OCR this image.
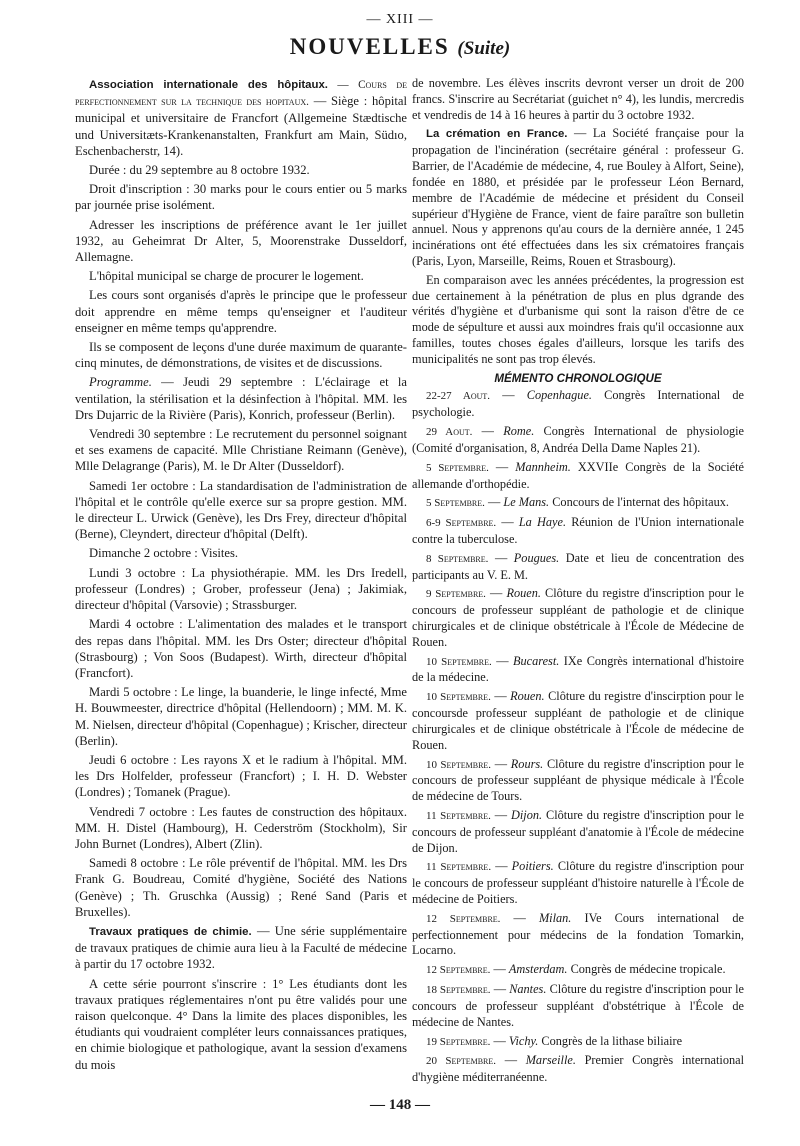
— XIII —
NOUVELLES (Suite)

Association internationale des hôpitaux. — Cours de perfectionnement sur la technique des hopitaux. — Siège : hôpital municipal et universitaire de Francfort (Allgemeine Stædtische und Universitæts-Krankenanstalten, Frankfurt am Main, Südıo, Eschenbacherstr, 14).

Durée : du 29 septembre au 8 octobre 1932.

Droit d'inscription : 30 marks pour le cours entier ou 5 marks par journée prise isolément.

Adresser les inscriptions de préférence avant le 1er juillet 1932, au Geheimrat Dr Alter, 5, Moorenstrake Dusseldorf, Allemagne.

L'hôpital municipal se charge de procurer le logement.

Les cours sont organisés d'après le principe que le professeur doit apprendre en même temps qu'enseigner et l'auditeur enseigner en même temps qu'apprendre.

Ils se composent de leçons d'une durée maximum de quarante-cinq minutes, de démonstrations, de visites et de discussions.

Programme. — Jeudi 29 septembre : L'éclairage et la ventilation, la stérilisation et la désinfection à l'hôpital. MM. les Drs Dujarric de la Rivière (Paris), Konrich, professeur (Berlin).

Vendredi 30 septembre : Le recrutement du personnel soignant et ses examens de capacité. Mlle Christiane Reimann (Genève), Mlle Delagrange (Paris), M. le Dr Alter (Dusseldorf).

Samedi 1er octobre : La standardisation de l'administration de l'hôpital et le contrôle qu'elle exerce sur sa propre gestion. MM. le directeur L. Urwick (Genève), les Drs Frey, directeur d'hôpital (Berne), Cleyndert, directeur d'hôpital (Delft).

Dimanche 2 octobre : Visites.

Lundi 3 octobre : La physiothérapie. MM. les Drs Iredell, professeur (Londres) ; Grober, professeur (Jena) ; Jakimiak, directeur d'hôpital (Varsovie) ; Strassburger.

Mardi 4 octobre : L'alimentation des malades et le transport des repas dans l'hôpital. MM. les Drs Oster; directeur d'hôpital (Strasbourg) ; Von Soos (Budapest). Wirth, directeur d'hôpital (Francfort).

Mardi 5 octobre : Le linge, la buanderie, le linge infecté, Mme H. Bouwmeester, directrice d'hôpital (Hellendoorn) ; MM. M. K. M. Nielsen, directeur d'hôpital (Copenhague) ; Krischer, directeur (Berlin).

Jeudi 6 octobre : Les rayons X et le radium à l'hôpital. MM. les Drs Holfelder, professeur (Francfort) ; I. H. D. Webster (Londres) ; Tomanek (Prague).

Vendredi 7 octobre : Les fautes de construction des hôpitaux. MM. H. Distel (Hambourg), H. Cederström (Stockholm), Sir John Burnet (Londres), Albert (Zlin).

Samedi 8 octobre : Le rôle préventif de l'hôpital. MM. les Drs Frank G. Boudreau, Comité d'hygiène, Société des Nations (Genève) ; Th. Gruschka (Aussig) ; René Sand (Paris et Bruxelles).

Travaux pratiques de chimie. — Une série supplémentaire de travaux pratiques de chimie aura lieu à la Faculté de médecine à partir du 17 octobre 1932.

A cette série pourront s'inscrire : 1° Les étudiants dont les travaux pratiques réglementaires n'ont pu être validés pour une raison quelconque. 4° Dans la limite des places disponibles, les étudiants qui voudraient compléter leurs connaissances pratiques, en chimie biologique et pathologique, avant la session d'examens du mois

de novembre. Les élèves inscrits devront verser un droit de 200 francs. S'inscrire au Secrétariat (guichet n° 4), les lundis, mercredis et vendredis de 14 à 16 heures à partir du 3 octobre 1932.

La crémation en France. — La Société française pour la propagation de l'incinération (secrétaire général : professeur G. Barrier, de l'Académie de médecine, 4, rue Bouley à Alfort, Seine), fondée en 1880, et présidée par le professeur Léon Bernard, membre de l'Académie de médecine et président du Conseil supérieur d'Hygiène de France, vient de faire paraître son bulletin annuel. Nous y apprenons qu'au cours de la dernière année, 1 245 incinérations ont été effectuées dans les six crématoires français (Paris, Lyon, Marseille, Reims, Rouen et Strasbourg).

En comparaison avec les années précédentes, la progression est due certainement à la pénétration de plus en plus dgrande des vérités d'hygiène et d'urbanisme qui sont la raison d'être de ce mode de sépulture et aussi aux moindres frais qu'il occasionne aux familles, toutes choses égales d'ailleurs, lorsque les tarifs des municipalités ne sont pas trop élevés.

MÉMENTO CHRONOLOGIQUE

22-27 Aout. — Copenhague. Congrès International de psychologie.

29 Aout. — Rome. Congrès International de physiologie (Comité d'organisation, 8, Andréa Della Dame Naples 21).

5 Septembre. — Mannheim. XXVIIe Congrès de la Société allemande d'orthopédie.

5 Septembre. — Le Mans. Concours de l'internat des hôpitaux.

6-9 Septembre. — La Haye. Réunion de l'Union internationale contre la tuberculose.

8 Septembre. — Pougues. Date et lieu de concentration des participants au V. E. M.

9 Septembre. — Rouen. Clôture du registre d'inscription pour le concours de professeur suppléant de pathologie et de clinique chirurgicales et de clinique obstétricale à l'École de Médecine de Rouen.

10 Septembre. — Bucarest. IXe Congrès international d'histoire de la médecine.

10 Septembre. — Rouen. Clôture du registre d'inscirption pour le concoursde professeur suppléant de pathologie et de clinique chirurgicales et de clinique obstétricale à l'École de médecine de Rouen.

10 Septembre. — Rours. Clôture du registre d'inscription pour le concours de professeur suppléant de physique médicale à l'École de médecine de Tours.

11 Septembre. — Dijon. Clôture du registre d'inscription pour le concours de professeur suppléant d'anatomie à l'École de médecine de Dijon.

11 Septembre. — Poitiers. Clôture du registre d'inscription pour le concours de professeur suppléant d'histoire naturelle à l'École de médecine de Poitiers.

12 Septembre. — Milan. IVe Cours international de perfectionnement pour médecins de la fondation Tomarkin, Locarno.

12 Septembre. — Amsterdam. Congrès de médecine tropicale.

18 Septembre. — Nantes. Clôture du registre d'inscription pour le concours de professeur suppléant d'obstétrique à l'École de médecine de Nantes.

19 Septembre. — Vichy. Congrès de la lithase biliaire

20 Septembre. — Marseille. Premier Congrès international d'hygiène méditerranéenne.

— 148 —
